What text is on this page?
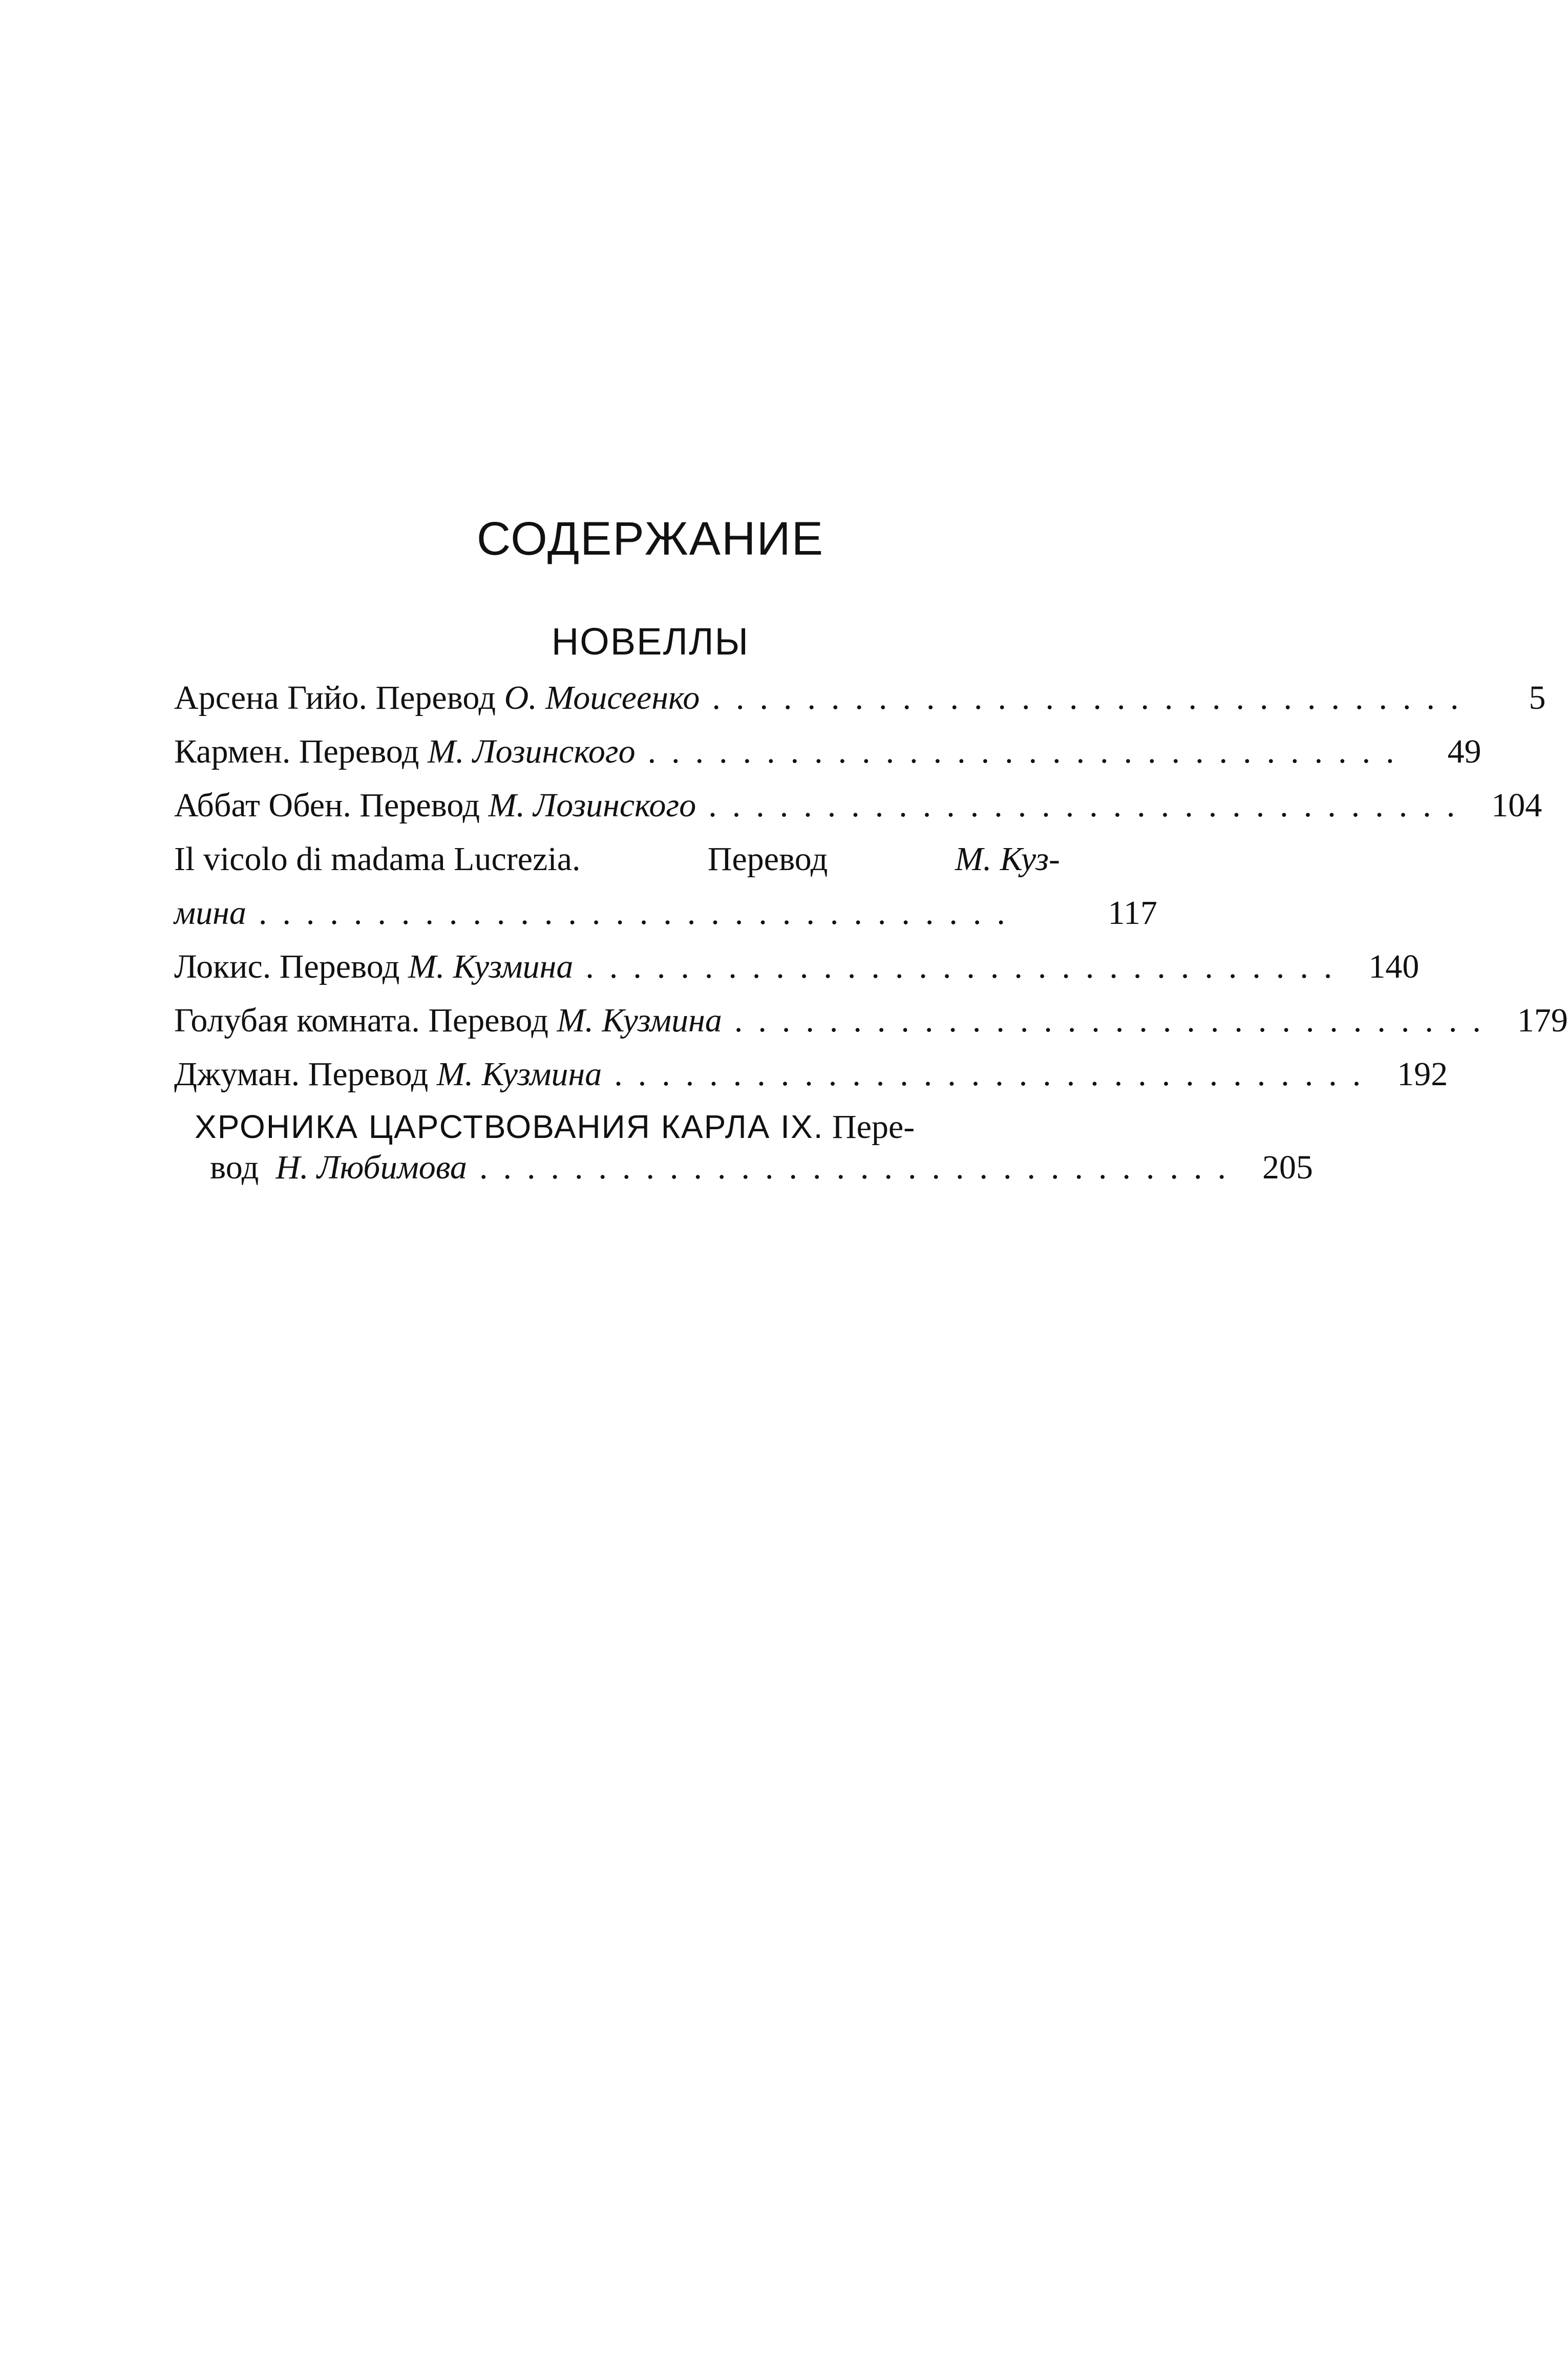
СОДЕРЖАНИЕ
НОВЕЛЛЫ
Арсена Гийо. Перевод О. Моисеенко ................................	5
Кармен. Перевод М. Лозинского ................................	49
Аббат Обен. Перевод М. Лозинского ................................ 104
Il vicolo di madama Lucrezia.	Перевод	М. Куз-
мина ................................	117
Локис. Перевод М. Кузмина ................................ 140
Голубая комната. Перевод М. Кузмина ................................ 179
Джуман. Перевод М. Кузмина ................................ 192
ХРОНИКА ЦАРСТВОВАНИЯ КАРЛА IX. Пере-
вод Н. Любимова ................................ 205
